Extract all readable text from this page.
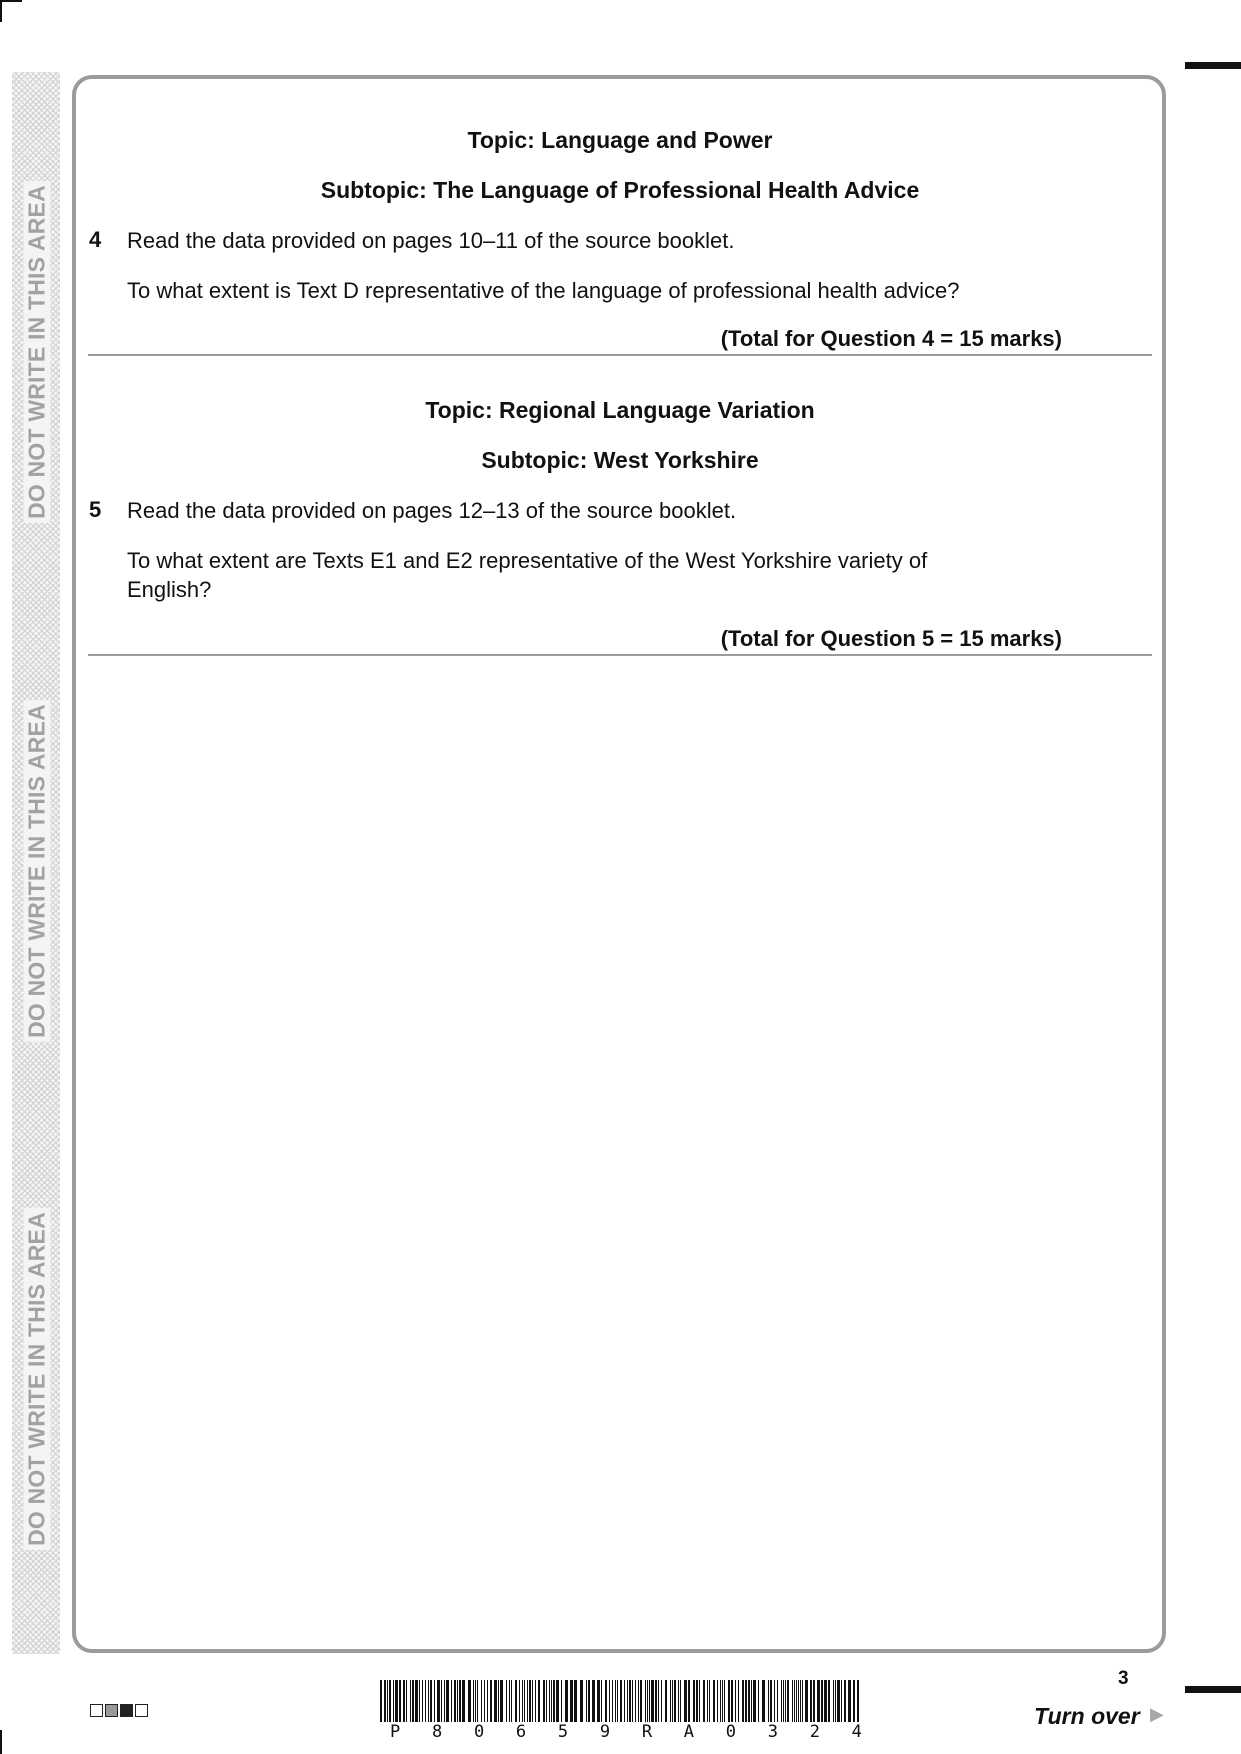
DO NOT WRITE IN THIS AREA
DO NOT WRITE IN THIS AREA
DO NOT WRITE IN THIS AREA
Topic: Language and Power
Subtopic: The Language of Professional Health Advice
4 Read the data provided on pages 10–11 of the source booklet.
To what extent is Text D representative of the language of professional health advice?
(Total for Question 4 = 15 marks)
Topic: Regional Language Variation
Subtopic: West Yorkshire
5 Read the data provided on pages 12–13 of the source booklet.
To what extent are Texts E1 and E2 representative of the West Yorkshire variety of
English?
(Total for Question 5 = 15 marks)
P 8 0 6 5 9 R A 0 3 2 4
3
Turn over ▶
